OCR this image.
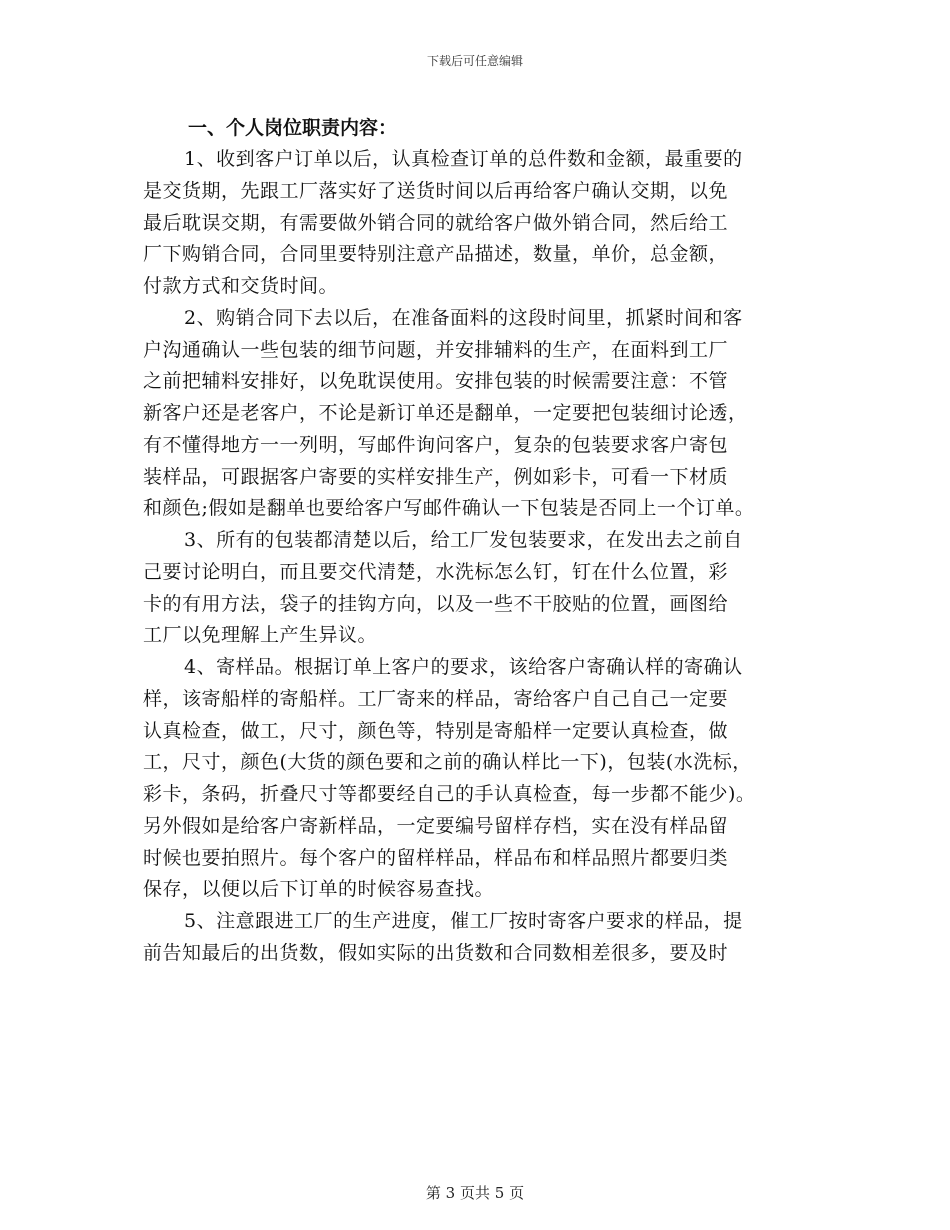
下载后可任意编辑
一、个人岗位职责内容：
1、收到客户订单以后，认真检查订单的总件数和金额，最重要的
是交货期，先跟工厂落实好了送货时间以后再给客户确认交期，以免
最后耽误交期，有需要做外销合同的就给客户做外销合同，然后给工
厂下购销合同，合同里要特别注意产品描述，数量，单价，总金额，
付款方式和交货时间。
2、购销合同下去以后，在准备面料的这段时间里，抓紧时间和客
户沟通确认一些包装的细节问题，并安排辅料的生产，在面料到工厂
之前把辅料安排好，以免耽误使用。安排包装的时候需要注意：不管
新客户还是老客户，不论是新订单还是翻单，一定要把包装细讨论透，
有不懂得地方一一列明，写邮件询问客户，复杂的包装要求客户寄包
装样品，可跟据客户寄要的实样安排生产，例如彩卡，可看一下材质
和颜色;假如是翻单也要给客户写邮件确认一下包装是否同上一个订单。
3、所有的包装都清楚以后，给工厂发包装要求，在发出去之前自
己要讨论明白，而且要交代清楚，水洗标怎么钉，钉在什么位置，彩
卡的有用方法，袋子的挂钩方向，以及一些不干胶贴的位置，画图给
工厂以免理解上产生异议。
4、寄样品。根据订单上客户的要求，该给客户寄确认样的寄确认
样，该寄船样的寄船样。工厂寄来的样品，寄给客户自己自己一定要
认真检查，做工，尺寸，颜色等，特别是寄船样一定要认真检查，做
工，尺寸，颜色(大货的颜色要和之前的确认样比一下)，包装(水洗标，
彩卡，条码，折叠尺寸等都要经自己的手认真检查，每一步都不能少)。
另外假如是给客户寄新样品，一定要编号留样存档，实在没有样品留
时候也要拍照片。每个客户的留样样品，样品布和样品照片都要归类
保存，以便以后下订单的时候容易查找。
5、注意跟进工厂的生产进度，催工厂按时寄客户要求的样品，提
前告知最后的出货数，假如实际的出货数和合同数相差很多，要及时
第 3 页共 5 页
